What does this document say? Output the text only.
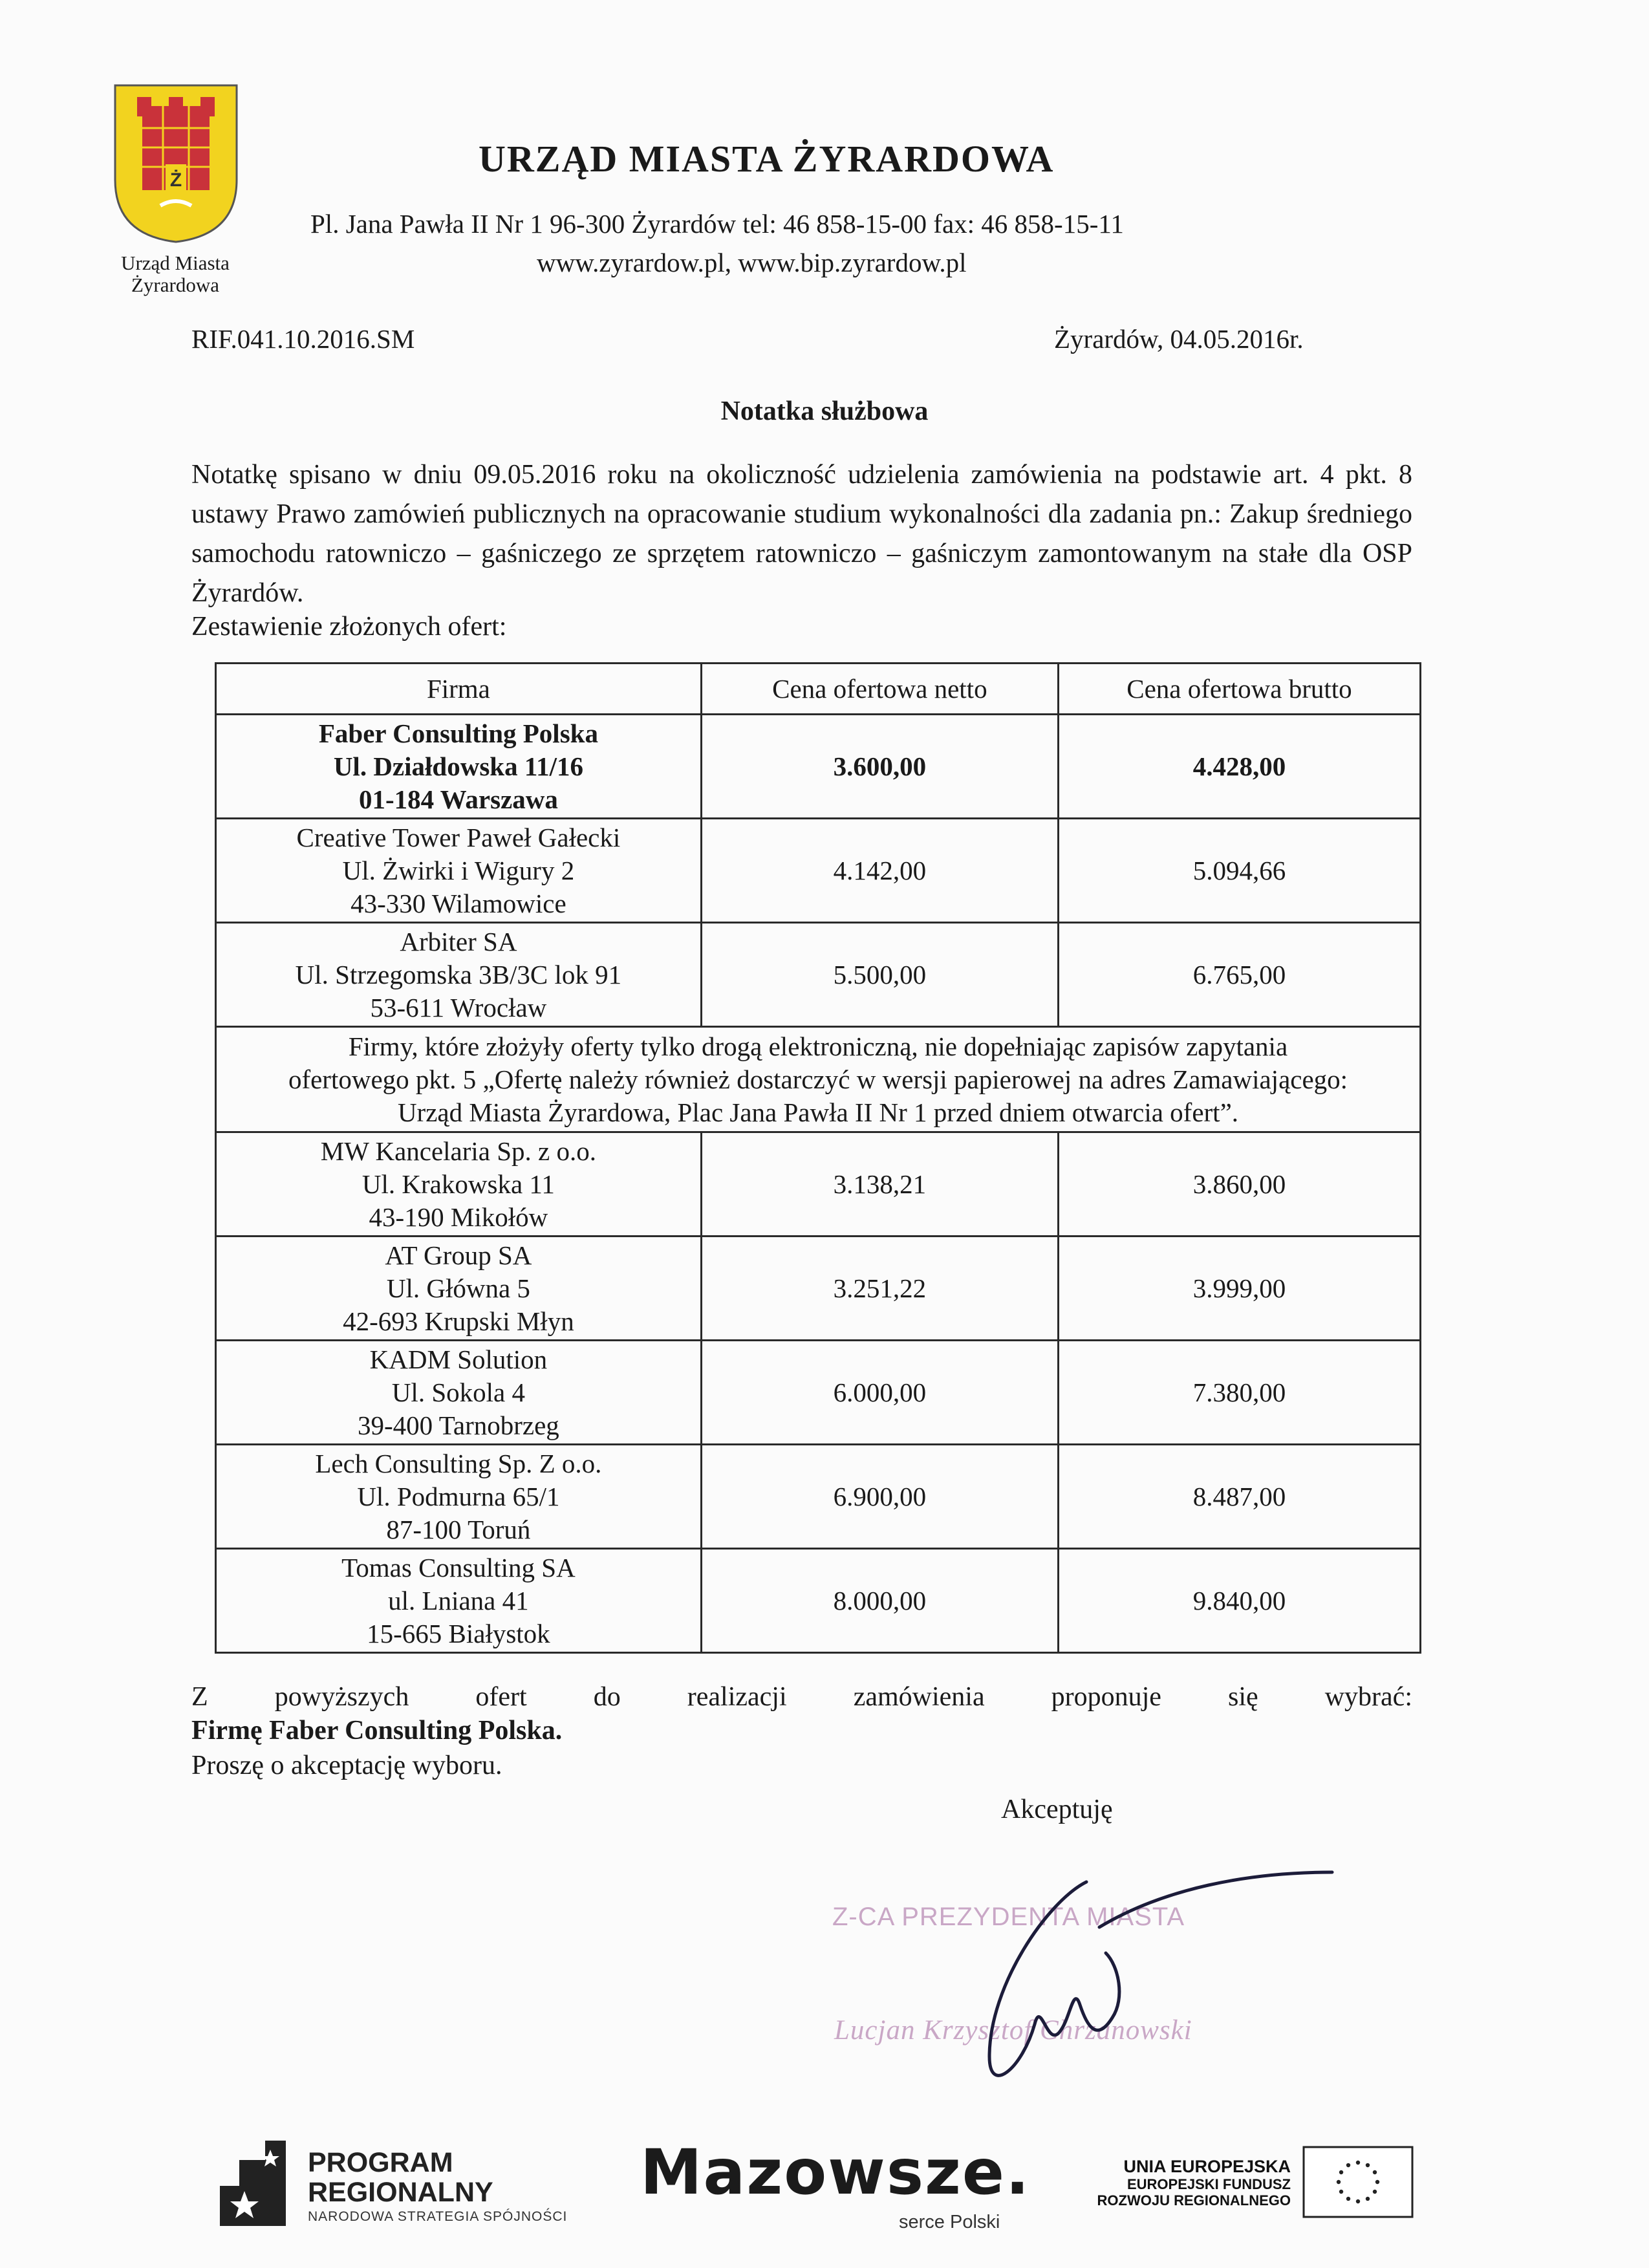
Ż
Urząd Miasta Żyrardowa
URZĄD MIASTA ŻYRARDOWA
Pl. Jana Pawła II Nr 1 96-300 Żyrardów tel: 46 858-15-00 fax: 46 858-15-11
www.zyrardow.pl, www.bip.zyrardow.pl
RIF.041.10.2016.SM	Żyrardów, 04.05.2016r.
Notatka służbowa
Notatkę spisano w dniu 09.05.2016 roku na okoliczność udzielenia zamówienia na podstawie art. 4 pkt. 8 ustawy Prawo zamówień publicznych na opracowanie studium wykonalności dla zadania pn.: Zakup średniego samochodu ratowniczo – gaśniczego ze sprzętem ratowniczo – gaśniczym zamontowanym na stałe dla OSP Żyrardów.
Zestawienie złożonych ofert:
Firma	Cena ofertowa netto	Cena ofertowa brutto

Faber Consulting Polska
Ul. Działdowska 11/16
01-184 Warszawa	3.600,00	4.428,00

Creative Tower Paweł Gałecki
Ul. Żwirki i Wigury 2
43-330 Wilamowice	4.142,00	5.094,66

Arbiter SA
Ul. Strzegomska 3B/3C lok 91
53-611 Wrocław	5.500,00	6.765,00

Firmy, które złożyły oferty tylko drogą elektroniczną, nie dopełniając zapisów zapytania
ofertowego pkt. 5 „Ofertę należy również dostarczyć w wersji papierowej na adres Zamawiającego:
Urząd Miasta Żyrardowa, Plac Jana Pawła II Nr 1 przed dniem otwarcia ofert”.		

MW Kancelaria Sp. z o.o.
Ul. Krakowska 11
43-190 Mikołów	3.138,21	3.860,00

AT Group SA
Ul. Główna 5
42-693 Krupski Młyn	3.251,22	3.999,00

KADM Solution
Ul. Sokola 4
39-400 Tarnobrzeg	6.000,00	7.380,00

Lech Consulting Sp. Z o.o.
Ul. Podmurna 65/1
87-100 Toruń	6.900,00	8.487,00

Tomas Consulting SA
ul. Lniana 41
15-665 Białystok	8.000,00	9.840,00
Z powyższych ofert do realizacji zamówienia proponuje się wybrać:
Firmę Faber Consulting Polska.
Proszę o akceptację wyboru.
Akceptuję
Z-CA PREZYDENTA MIASTA
Lucjan Krzysztof Chrzanowski
PROGRAM
REGIONALNY
NARODOWA STRATEGIA SPÓJNOŚCI
Mazowsze.
serce Polski
UNIA EUROPEJSKA
EUROPEJSKI FUNDUSZ
ROZWOJU REGIONALNEGO
